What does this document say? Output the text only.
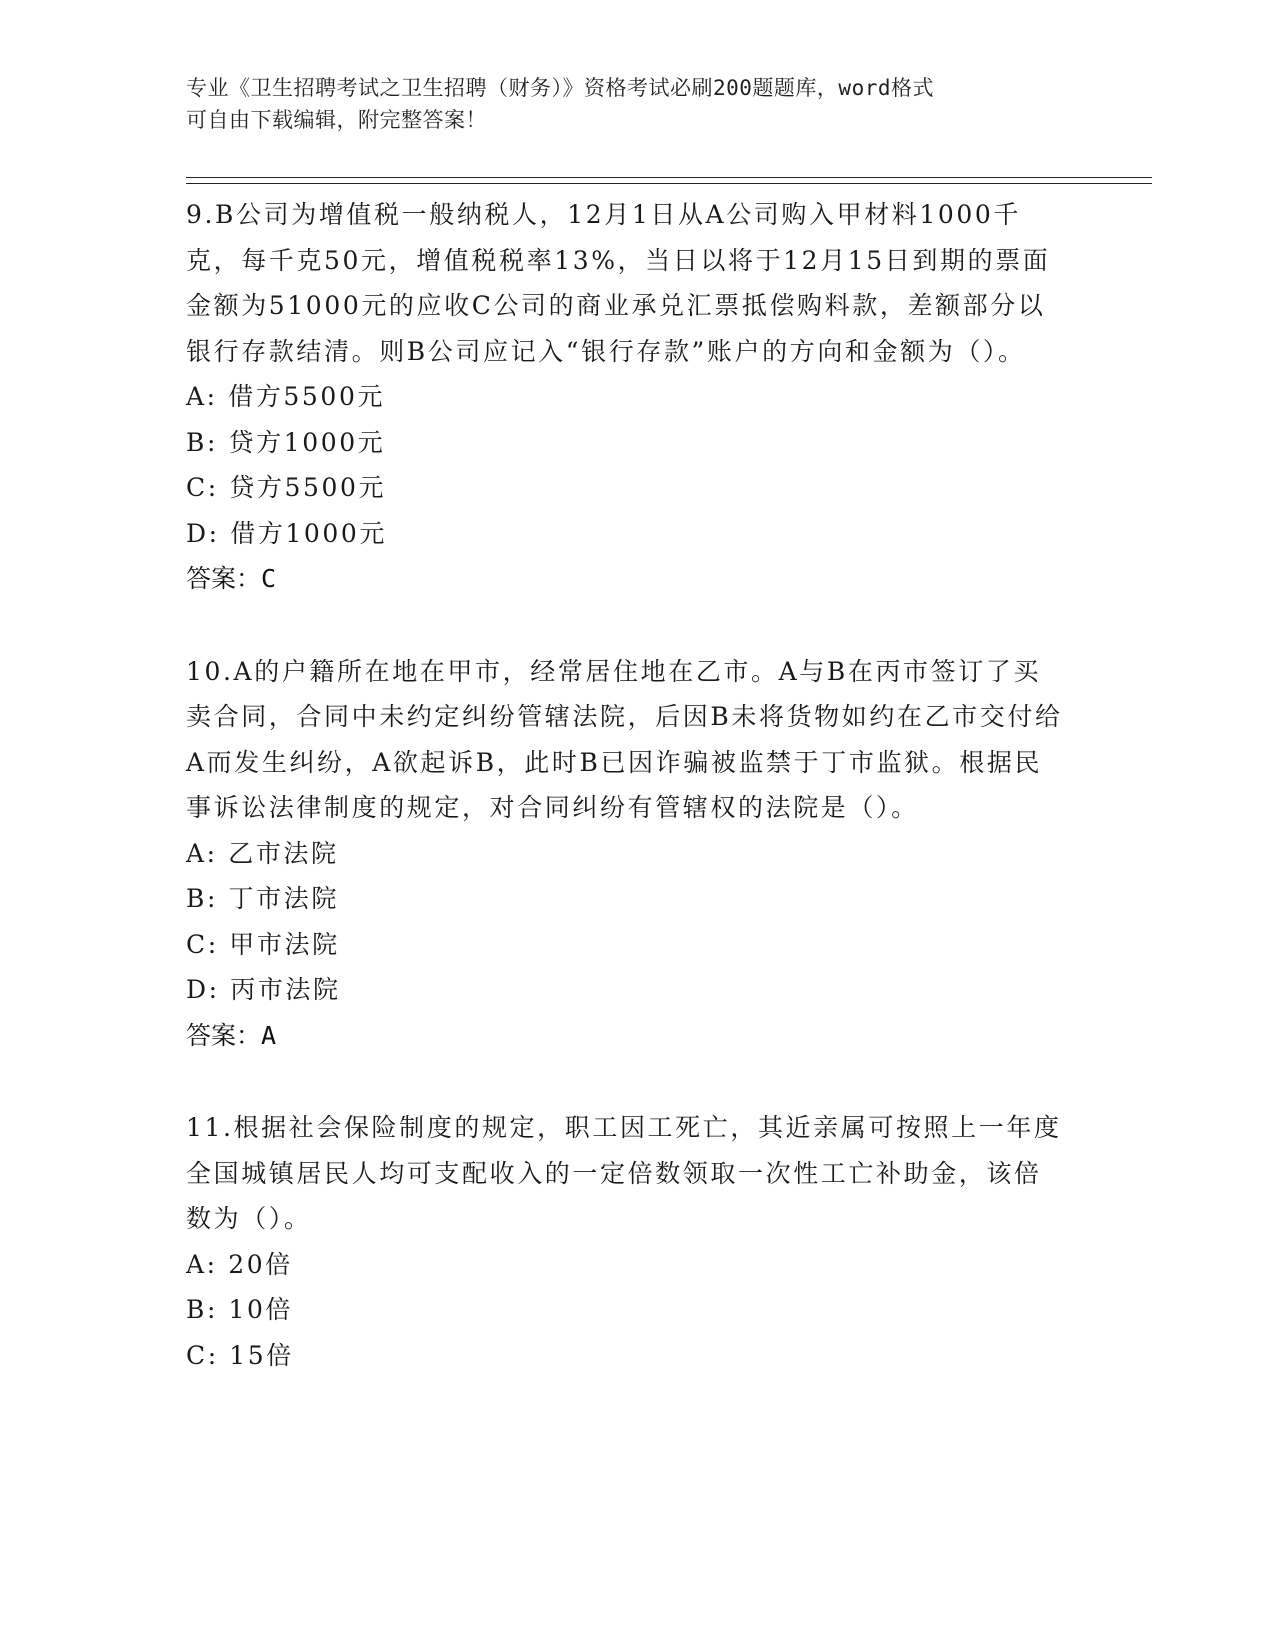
专业《卫生招聘考试之卫生招聘（财务）》资格考试必刷200题题库，word格式
可自由下载编辑，附完整答案！

9.B公司为增值税一般纳税人，12月1日从A公司购入甲材料1000千克，每千克50元，增值税税率13%，当日以将于12月15日到期的票面金额为51000元的应收C公司的商业承兑汇票抵偿购料款，差额部分以银行存款结清。则B公司应记入“银行存款”账户的方向和金额为（）。

A: 借方5500元

B: 贷方1000元

C: 贷方5500元

D: 借方1000元

答案：C

10.A的户籍所在地在甲市，经常居住地在乙市。A与B在丙市签订了买卖合同，合同中未约定纠纷管辖法院，后因B未将货物如约在乙市交付给A而发生纠纷，A欲起诉B，此时B已因诈骗被监禁于丁市监狱。根据民事诉讼法律制度的规定，对合同纠纷有管辖权的法院是（）。

A: 乙市法院

B: 丁市法院

C: 甲市法院

D: 丙市法院

答案：A

11.根据社会保险制度的规定，职工因工死亡，其近亲属可按照上一年度全国城镇居民人均可支配收入的一定倍数领取一次性工亡补助金，该倍数为（）。

A: 20倍

B: 10倍

C: 15倍
